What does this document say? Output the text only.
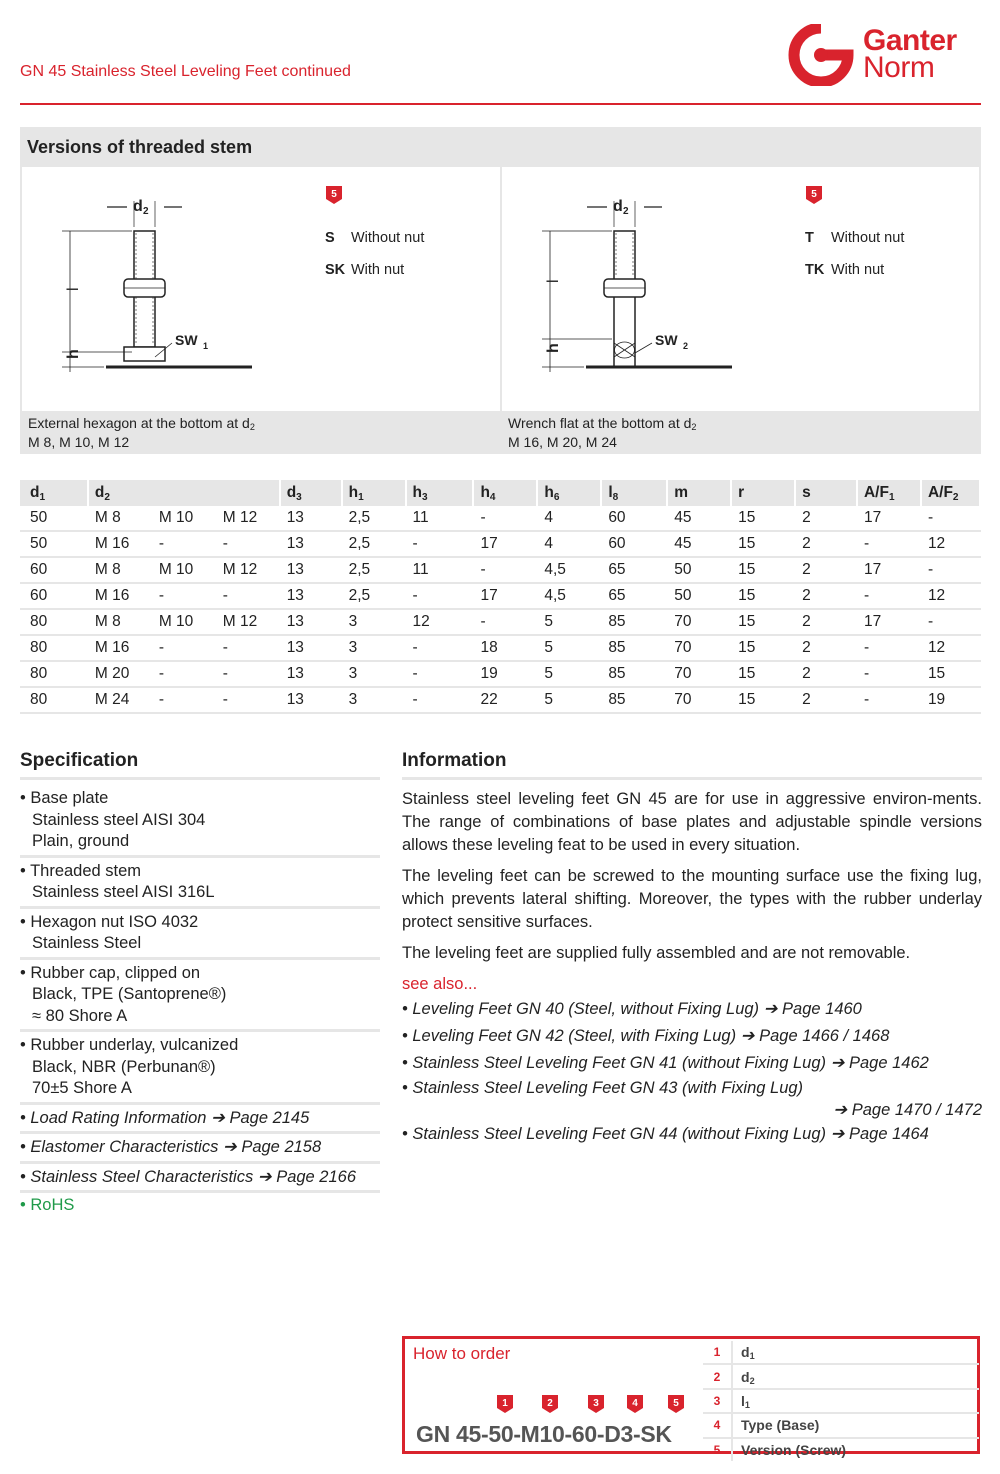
GN 45 Stainless Steel Leveling Feet continued
Ganter
Norm
Versions of threaded stem
d 2
l
h
SW 1
5
S Without nut
SK With nut
External hexagon at the bottom at $d_2$
M 8, M 10, M 12
d 2
l
h
SW 2
5
T Without nut
TK With nut
Wrench flat at the bottom at $d_2$
M 16, M 20, M 24
$d_1$	$d_2$			$d_3$	$h_1$	$h_3$	$h_4$	$h_6$	$l_8$	m	r	s	$A/F_1$	$A/F_2$
50	M 8	M 10	M 12	13	2,5	11	-	4	60	45	15	2	17	-
50	M 16	-	-	13	2,5	-	17	4	60	45	15	2	-	12
60	M 8	M 10	M 12	13	2,5	11	-	4,5	65	50	15	2	17	-
60	M 16	-	-	13	2,5	-	17	4,5	65	50	15	2	-	12
80	M 8	M 10	M 12	13	3	12	-	5	85	70	15	2	17	-
80	M 16	-	-	13	3	-	18	5	85	70	15	2	-	12
80	M 20	-	-	13	3	-	19	5	85	70	15	2	-	15
80	M 24	-	-	13	3	-	22	5	85	70	15	2	-	19
Specification
• Base plate
Stainless steel AISI 304
Plain, ground
• Threaded stem
Stainless steel AISI 316L
• Hexagon nut ISO 4032
Stainless Steel
• Rubber cap, clipped on
Black, TPE (Santoprene®)
≈ 80 Shore A
• Rubber underlay, vulcanized
Black, NBR (Perbunan®)
70±5 Shore A
• Load Rating Information ➔ Page 2145
• Elastomer Characteristics ➔ Page 2158
• Stainless Steel Characteristics ➔ Page 2166
• RoHS
Information

Stainless steel leveling feet GN 45 are for use in aggressive environ-ments. The range of combinations of base plates and adjustable spindle versions allows these leveling feat to be used in every situation.

The leveling feet can be screwed to the mounting surface use the fixing lug, which prevents lateral shifting. Moreover, the types with the rubber underlay protect sensitive surfaces.

The leveling feet are supplied fully assembled and are not removable.

see also...
• Leveling Feet GN 40 (Steel, without Fixing Lug) ➔ Page 1460
• Leveling Feet GN 42 (Steel, with Fixing Lug) ➔ Page 1466 / 1468
• Stainless Steel Leveling Feet GN 41 (without Fixing Lug) ➔ Page 1462
• Stainless Steel Leveling Feet GN 43 (with Fixing Lug)
➔ Page 1470 / 1472
• Stainless Steel Leveling Feet GN 44 (without Fixing Lug) ➔ Page 1464
How to order
1	2	3	4	5
GN 45-50-M10-60-D3-SK
1	$d_1$
2	$d_2$
3	$l_1$
4	Type (Base)
5	Version (Screw)
